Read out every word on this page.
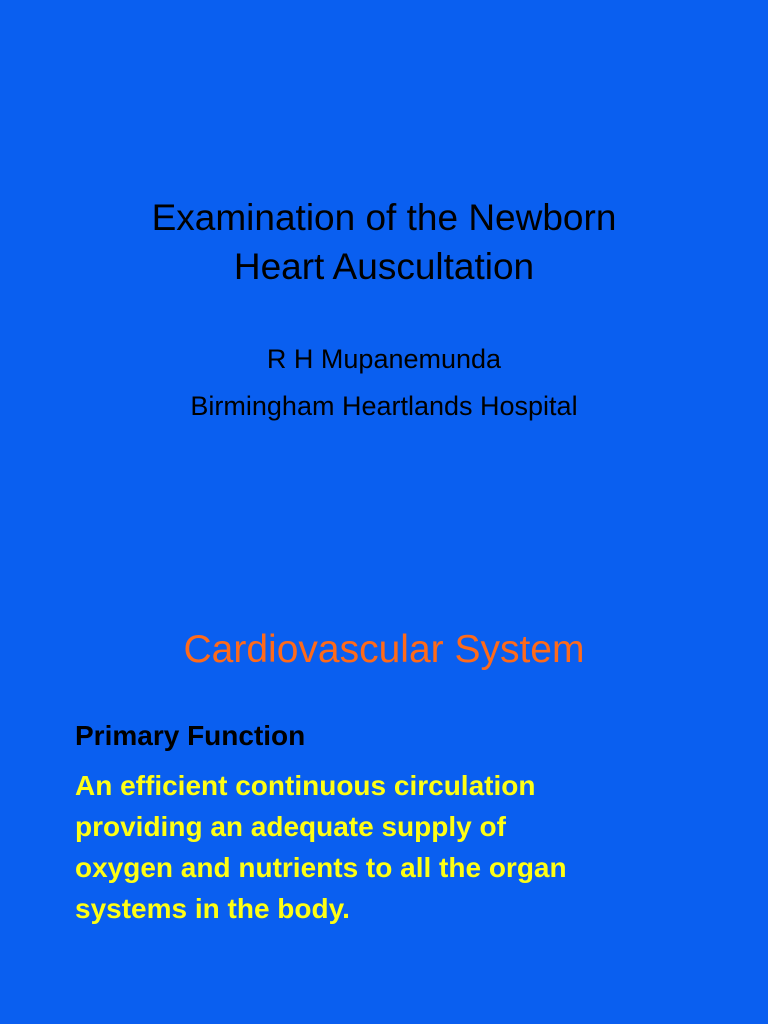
Examination of the Newborn
Heart Auscultation
R H Mupanemunda
Birmingham Heartlands Hospital
Cardiovascular System
Primary Function
An efficient continuous circulation
providing an adequate supply of
oxygen and nutrients to all the organ
systems in the body.
